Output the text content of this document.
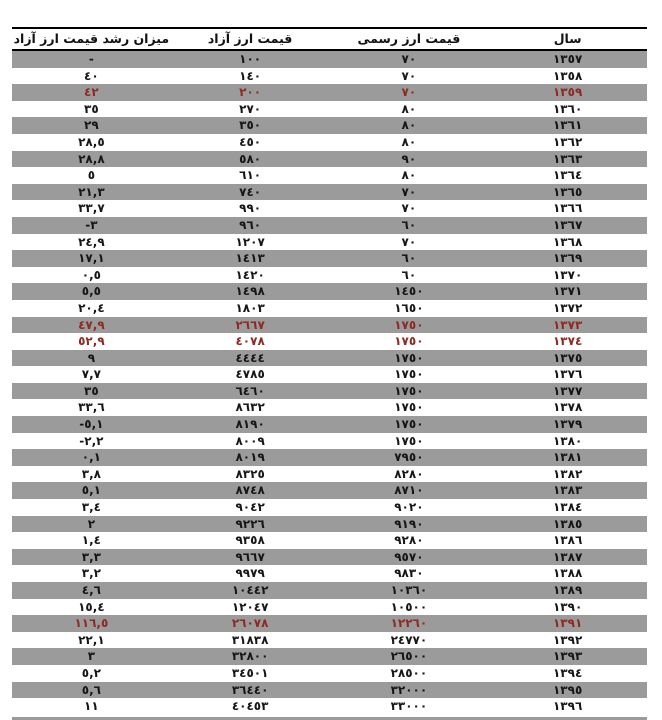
میزان رشد قیمت ارز آزاد	قیمت ارز آزاد	قیمت ارز رسمی	سال
-	١٠٠	٧٠	١٣٥٧
٤٠	١٤٠	٧٠	١٣٥٨
٤٢	٢٠٠	٧٠	١٣٥٩
٣٥	٢٧٠	٨٠	١٣٦٠
٢٩	٣٥٠	٨٠	١٣٦١
٢٨,٥	٤٥٠	٨٠	١٣٦٢
٢٨,٨	٥٨٠	٩٠	١٣٦٣
٥	٦١٠	٨٠	١٣٦٤
٢١,٣	٧٤٠	٧٠	١٣٦٥
٣٣,٧	٩٩٠	٧٠	١٣٦٦
-٣	٩٦٠	٦٠	١٣٦٧
٢٤,٩	١٢٠٧	٧٠	١٣٦٨
١٧,١	١٤١٣	٦٠	١٣٦٩
٠,٥	١٤٢٠	٦٠	١٣٧٠
٥,٥	١٤٩٨	١٤٥٠	١٣٧١
٢٠,٤	١٨٠٣	١٦٥٠	١٣٧٢
٤٧,٩	٢٦٦٧	١٧٥٠	١٣٧٣
٥٢,٩	٤٠٧٨	١٧٥٠	١٣٧٤
٩	٤٤٤٤	١٧٥٠	١٣٧٥
٧,٧	٤٧٨٥	١٧٥٠	١٣٧٦
٣٥	٦٤٦٠	١٧٥٠	١٣٧٧
٣٣,٦	٨٦٣٢	١٧٥٠	١٣٧٨
-٥,١	٨١٩٠	١٧٥٠	١٣٧٩
-٢,٢	٨٠٠٩	١٧٥٠	١٣٨٠
٠,١	٨٠١٩	٧٩٥٠	١٣٨١
٣,٨	٨٣٢٥	٨٢٨٠	١٣٨٢
٥,١	٨٧٤٨	٨٧١٠	١٣٨٣
٣,٤	٩٠٤٢	٩٠٢٠	١٣٨٤
٢	٩٢٢٦	٩١٩٠	١٣٨٥
١,٤	٩٣٥٨	٩٢٨٠	١٣٨٦
٣,٣	٩٦٦٧	٩٥٧٠	١٣٨٧
٣,٢	٩٩٧٩	٩٨٣٠	١٣٨٨
٤,٦	١٠٤٤٢	١٠٣٦٠	١٣٨٩
١٥,٤	١٢٠٤٧	١٠٥٠٠	١٣٩٠
١١٦,٥	٢٦٠٧٨	١٢٢٦٠	١٣٩١
٢٢,١	٣١٨٣٨	٢٤٧٧٠	١٣٩٢
٣	٣٢٨٠٠	٢٦٥٠٠	١٣٩٣
٥,٢	٣٤٥٠١	٢٨٥٠٠	١٣٩٤
٥,٦	٣٦٤٤٠	٣٢٠٠٠	١٣٩٥
١١	٤٠٤٥٣	٣٣٠٠٠	١٣٩٦
